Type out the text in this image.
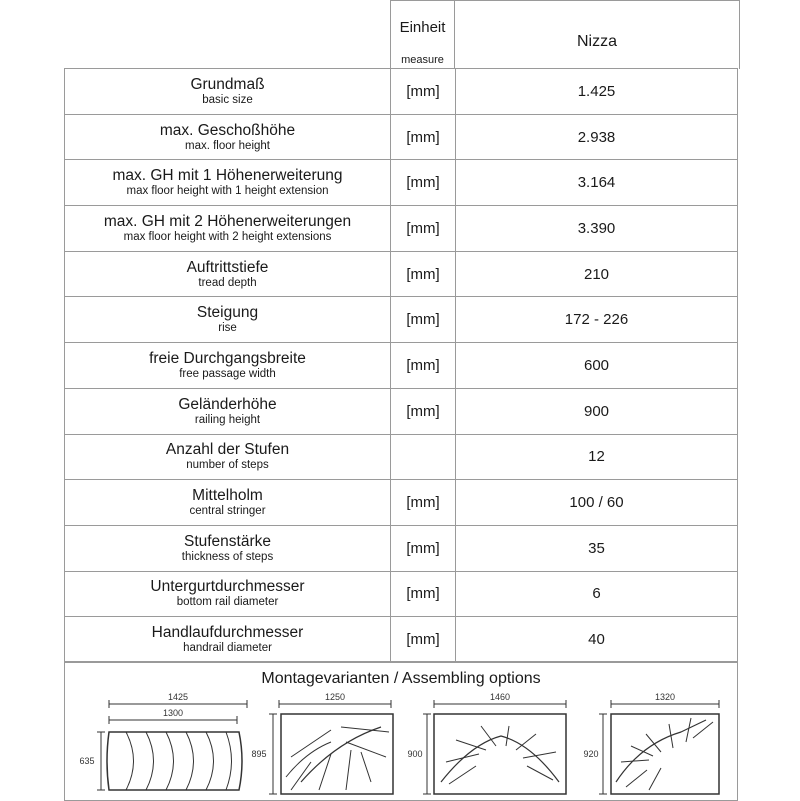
Einheit

measure
Nizza
Grundmaß
basic size	[mm]	1.425

max. Geschoßhöhe
max. floor height	[mm]	2.938

max. GH mit 1 Höhenerweiterung
max floor height with 1 height extension	[mm]	3.164

max. GH mit 2 Höhenerweiterungen
max floor height with 2 height extensions	[mm]	3.390

Auftrittstiefe
tread depth	[mm]	210

Steigung
rise	[mm]	172 - 226

freie Durchgangsbreite
free passage width	[mm]	600

Geländerhöhe
railing height	[mm]	900

Anzahl der Stufen
number of steps		12

Mittelholm
central stringer	[mm]	100 / 60

Stufenstärke
thickness of steps	[mm]	35

Untergurtdurchmesser
bottom rail diameter	[mm]	6

Handlaufdurchmesser
handrail diameter	[mm]	40
Montagevarianten / Assembling options
1425
1300
635
1250
895
1460
900
1320
920
